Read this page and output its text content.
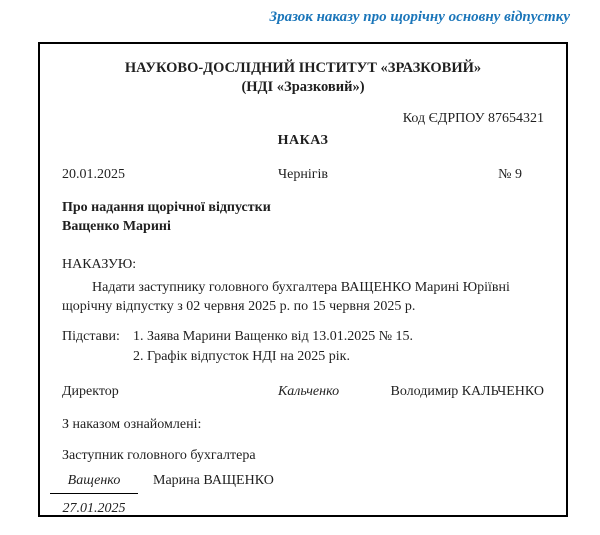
Зразок наказу про щорічну основну відпустку
НАУКОВО-ДОСЛІДНИЙ ІНСТИТУТ «ЗРАЗКОВИЙ»
(НДІ «Зразковий»)
Код ЄДРПОУ 87654321
НАКАЗ
20.01.2025	Чернігів	№ 9
Про надання щорічної відпустки
Ващенко Марині
НАКАЗУЮ:

Надати заступнику головного бухгалтера ВАЩЕНКО Марині Юріївні щорічну відпустку з 02 червня 2025 р. по 15 червня 2025 р.

Підстави: 1. Заява Марини Ващенко від 13.01.2025 № 15.
2. Графік відпусток НДІ на 2025 рік.
Директор	Кальченко	Володимир КАЛЬЧЕНКО
З наказом ознайомлені:
Заступник головного бухгалтера
Ващенко	Марина ВАЩЕНКО
27.01.2025
